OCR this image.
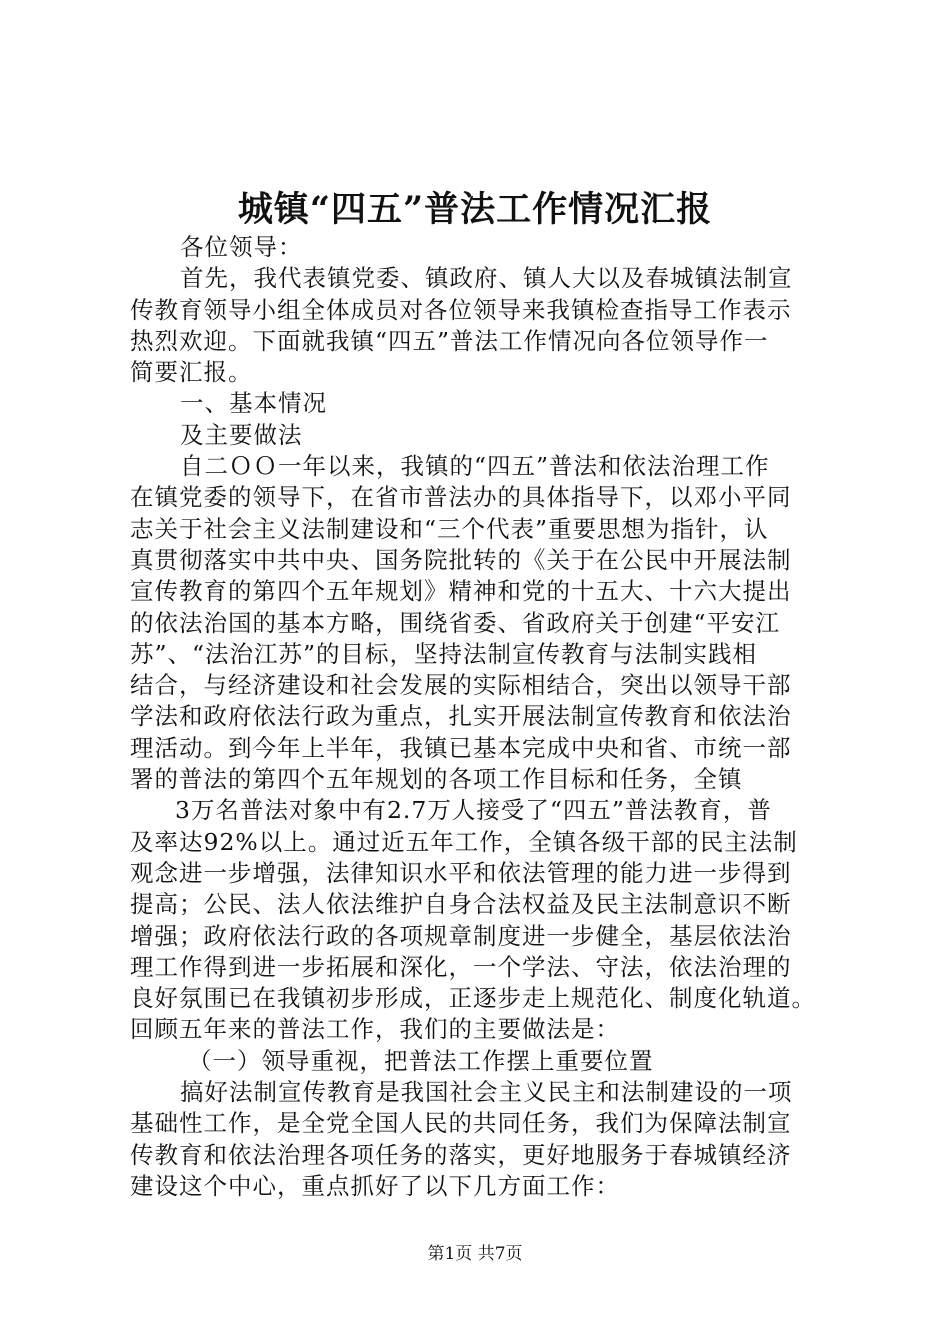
城镇“四五”普法工作情况汇报
各位领导：
首先，我代表镇党委、镇政府、镇人大以及春城镇法制宣
传教育领导小组全体成员对各位领导来我镇检查指导工作表示
热烈欢迎。下面就我镇“四五”普法工作情况向各位领导作一
简要汇报。
一、基本情况
及主要做法
自二ＯＯ一年以来，我镇的“四五”普法和依法治理工作
在镇党委的领导下，在省市普法办的具体指导下，以邓小平同
志关于社会主义法制建设和“三个代表”重要思想为指针，认
真贯彻落实中共中央、国务院批转的《关于在公民中开展法制
宣传教育的第四个五年规划》精神和党的十五大、十六大提出
的依法治国的基本方略，围绕省委、省政府关于创建“平安江
苏”、“法治江苏”的目标，坚持法制宣传教育与法制实践相
结合，与经济建设和社会发展的实际相结合，突出以领导干部
学法和政府依法行政为重点，扎实开展法制宣传教育和依法治
理活动。到今年上半年，我镇已基本完成中央和省、市统一部
署的普法的第四个五年规划的各项工作目标和任务，全镇
3万名普法对象中有2.7万人接受了“四五”普法教育，普
及率达92%以上。通过近五年工作，全镇各级干部的民主法制
观念进一步增强，法律知识水平和依法管理的能力进一步得到
提高；公民、法人依法维护自身合法权益及民主法制意识不断
增强；政府依法行政的各项规章制度进一步健全，基层依法治
理工作得到进一步拓展和深化，一个学法、守法，依法治理的
良好氛围已在我镇初步形成，正逐步走上规范化、制度化轨道。
回顾五年来的普法工作，我们的主要做法是：
（一）领导重视，把普法工作摆上重要位置
搞好法制宣传教育是我国社会主义民主和法制建设的一项
基础性工作，是全党全国人民的共同任务，我们为保障法制宣
传教育和依法治理各项任务的落实，更好地服务于春城镇经济
建设这个中心，重点抓好了以下几方面工作：
第1页 共7页
